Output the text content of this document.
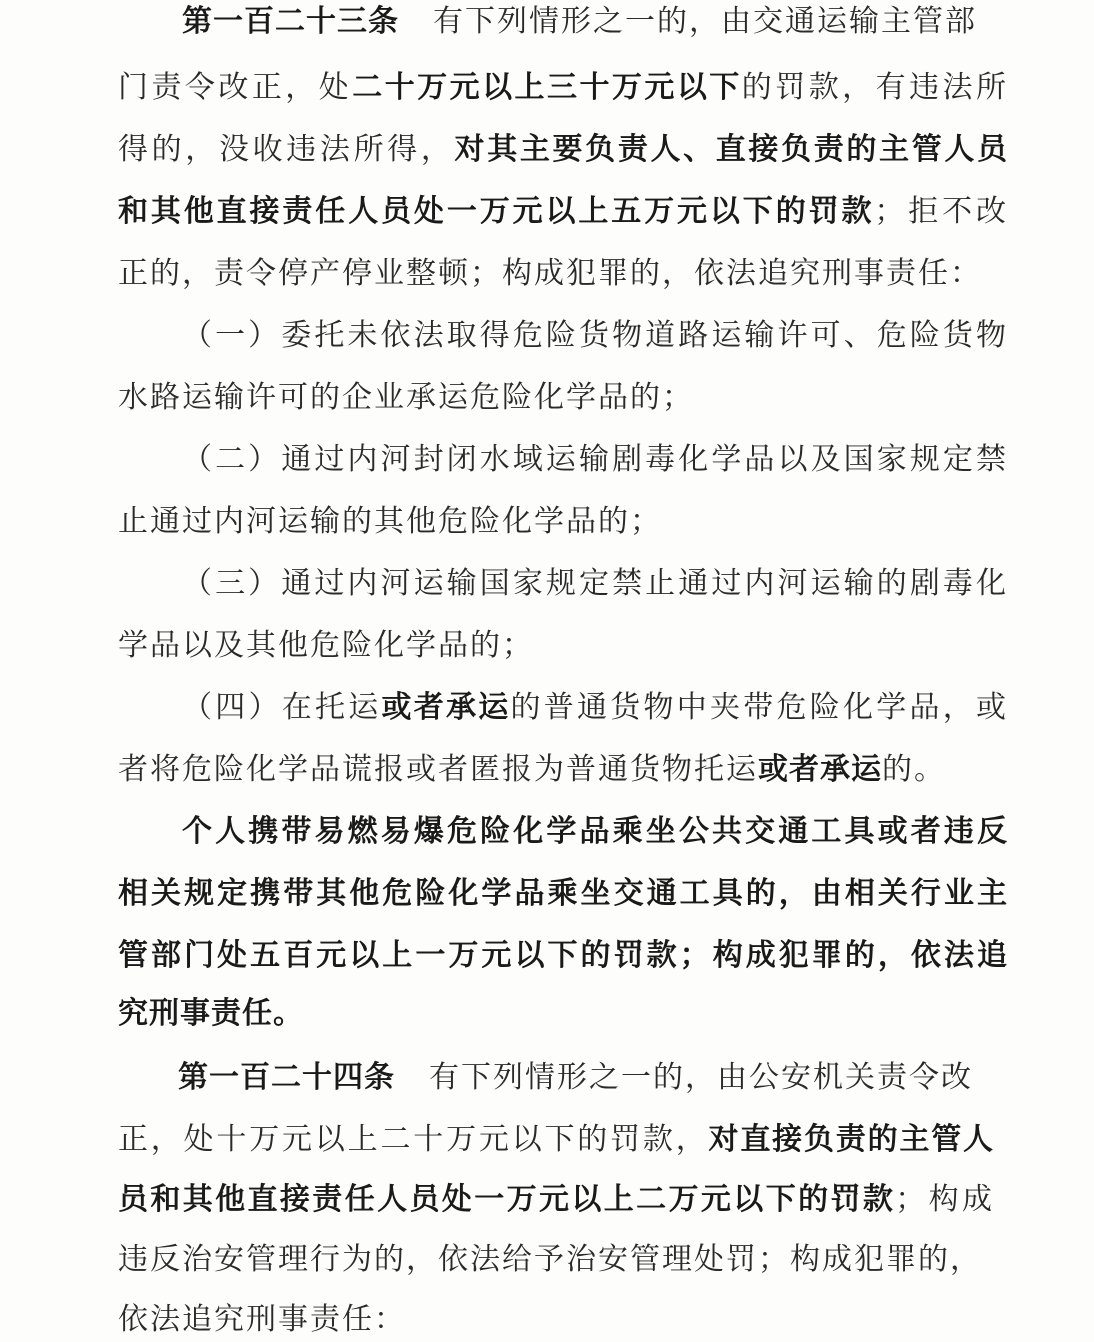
第一百二十三条 有下列情形之一的，由交通运输主管部
门责令改正，处二十万元以上三十万元以下的罚款，有违法所
得的，没收违法所得，对其主要负责人、直接负责的主管人员
和其他直接责任人员处一万元以上五万元以下的罚款；拒不改
正的，责令停产停业整顿；构成犯罪的，依法追究刑事责任：
（一）委托未依法取得危险货物道路运输许可、危险货物
水路运输许可的企业承运危险化学品的；
（二）通过内河封闭水域运输剧毒化学品以及国家规定禁
止通过内河运输的其他危险化学品的；
（三）通过内河运输国家规定禁止通过内河运输的剧毒化
学品以及其他危险化学品的；
（四）在托运或者承运的普通货物中夹带危险化学品，或
者将危险化学品谎报或者匿报为普通货物托运或者承运的。
个人携带易燃易爆危险化学品乘坐公共交通工具或者违反
相关规定携带其他危险化学品乘坐交通工具的，由相关行业主
管部门处五百元以上一万元以下的罚款；构成犯罪的，依法追
究刑事责任。
第一百二十四条 有下列情形之一的，由公安机关责令改
正，处十万元以上二十万元以下的罚款，对直接负责的主管人
员和其他直接责任人员处一万元以上二万元以下的罚款；构成
违反治安管理行为的，依法给予治安管理处罚；构成犯罪的，
依法追究刑事责任：
